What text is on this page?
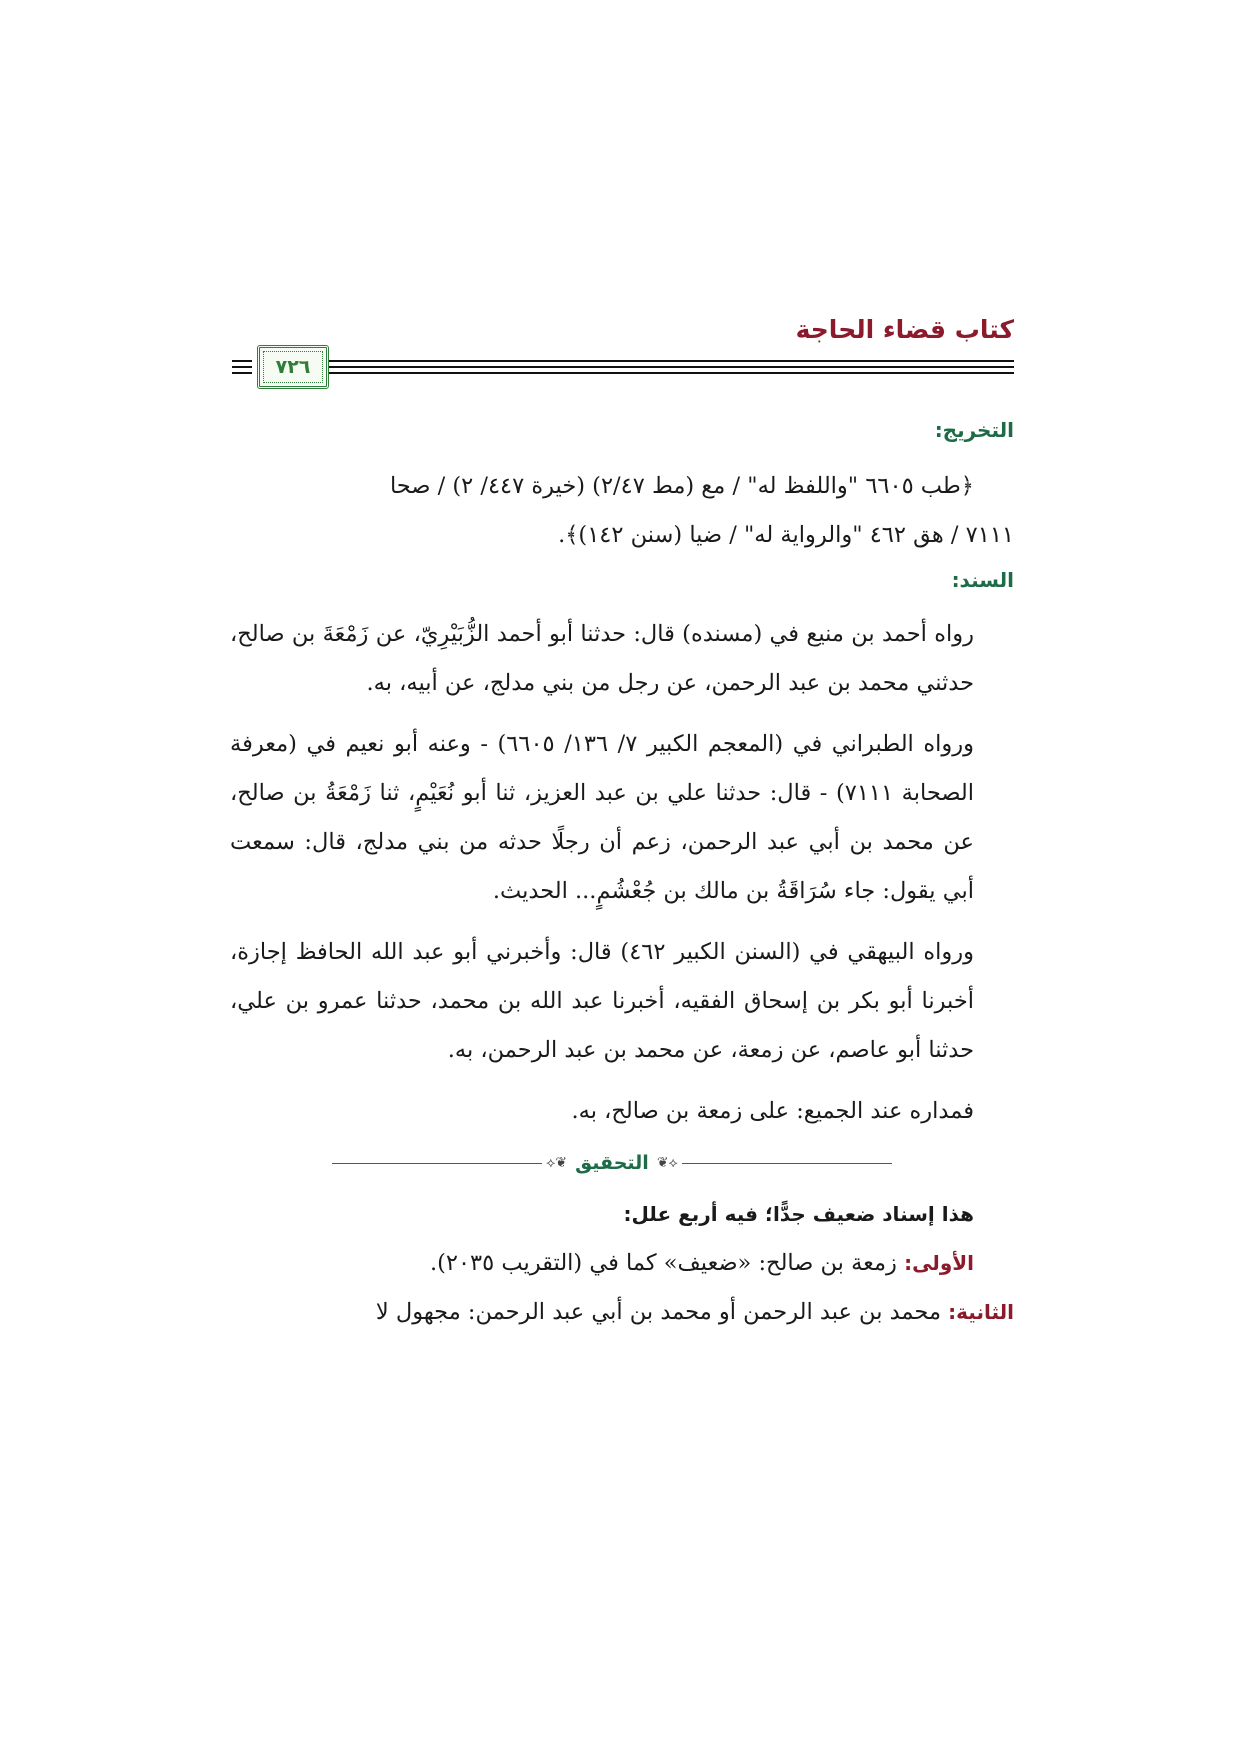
كتاب قضاء الحاجة
٧٢٦

التخريج:

﴿طب ٦٦٠٥ "واللفظ له" / مع (مط ٢/٤٧) (خيرة ٤٤٧/ ٢) / صحا

٧١١١ / هق ٤٦٢ "والرواية له" / ضيا (سنن ١٤٢)﴾.

السند:

رواه أحمد بن منيع في (مسنده) قال: حدثنا أبو أحمد الزُّبَيْرِيّ، عن زَمْعَةَ بن صالح، حدثني محمد بن عبد الرحمن، عن رجل من بني مدلج، عن أبيه، به.

ورواه الطبراني في (المعجم الكبير ٧/ ١٣٦/ ٦٦٠٥) - وعنه أبو نعيم في (معرفة الصحابة ٧١١١) - قال: حدثنا علي بن عبد العزيز، ثنا أبو نُعَيْمٍ، ثنا زَمْعَةُ بن صالح، عن محمد بن أبي عبد الرحمن، زعم أن رجلًا حدثه من بني مدلج، قال: سمعت أبي يقول: جاء سُرَاقَةُ بن مالك بن جُعْشُمٍ... الحديث.

ورواه البيهقي في (السنن الكبير ٤٦٢) قال: وأخبرني أبو عبد الله الحافظ إجازة، أخبرنا أبو بكر بن إسحاق الفقيه، أخبرنا عبد الله بن محمد، حدثنا عمرو بن علي، حدثنا أبو عاصم، عن زمعة، عن محمد بن عبد الرحمن، به.

فمداره عند الجميع: على زمعة بن صالح، به.

⟡❦
التحقيق
❦⟡

هذا إسناد ضعيف جدًّا؛ فيه أربع علل:

الأولى: زمعة بن صالح: «ضعيف» كما في (التقريب ٢٠٣٥).

الثانية: محمد بن عبد الرحمن أو محمد بن أبي عبد الرحمن: مجهول لا
